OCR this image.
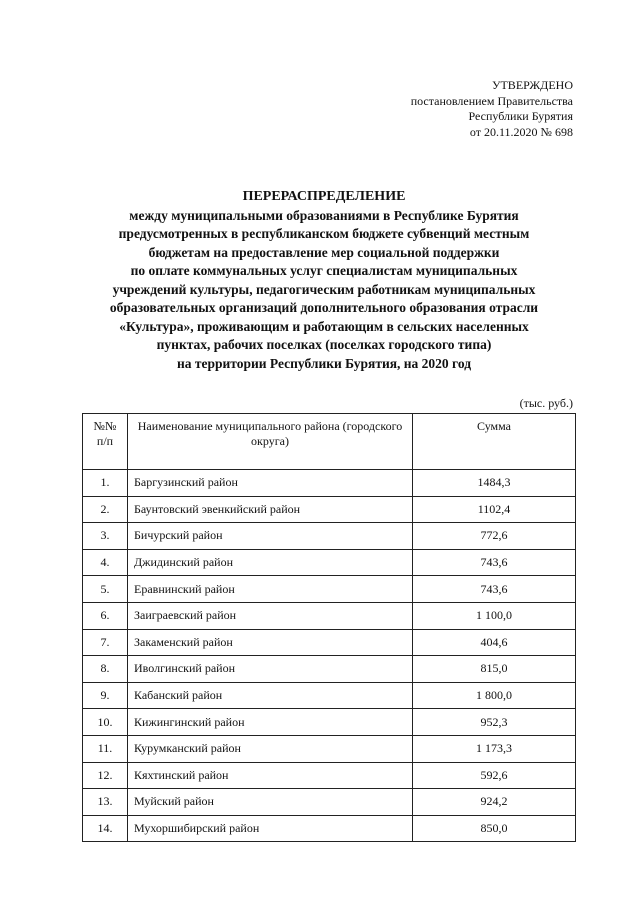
УТВЕРЖДЕНО
постановлением Правительства
Республики Бурятия
от 20.11.2020 № 698
ПЕРЕРАСПРЕДЕЛЕНИЕ
между муниципальными образованиями в Республике Бурятия
предусмотренных в республиканском бюджете субвенций местным
бюджетам на предоставление мер социальной поддержки
по оплате коммунальных услуг специалистам муниципальных
учреждений культуры, педагогическим работникам муниципальных
образовательных организаций дополнительного образования отрасли
«Культура», проживающим и работающим в сельских населенных
пунктах, рабочих поселках (поселках городского типа)
на территории Республики Бурятия, на 2020 год
(тыс. руб.)
№№ п/п	Наименование муниципального района (городского округа)	Сумма
1.	Баргузинский район	1484,3
2.	Баунтовский эвенкийский район	1102,4
3.	Бичурский район	772,6
4.	Джидинский район	743,6
5.	Еравнинский район	743,6
6.	Заиграевский район	1 100,0
7.	Закаменский район	404,6
8.	Иволгинский район	815,0
9.	Кабанский район	1 800,0
10.	Кижингинский район	952,3
11.	Курумканский район	1 173,3
12.	Кяхтинский район	592,6
13.	Муйский район	924,2
14.	Мухоршибирский район	850,0
